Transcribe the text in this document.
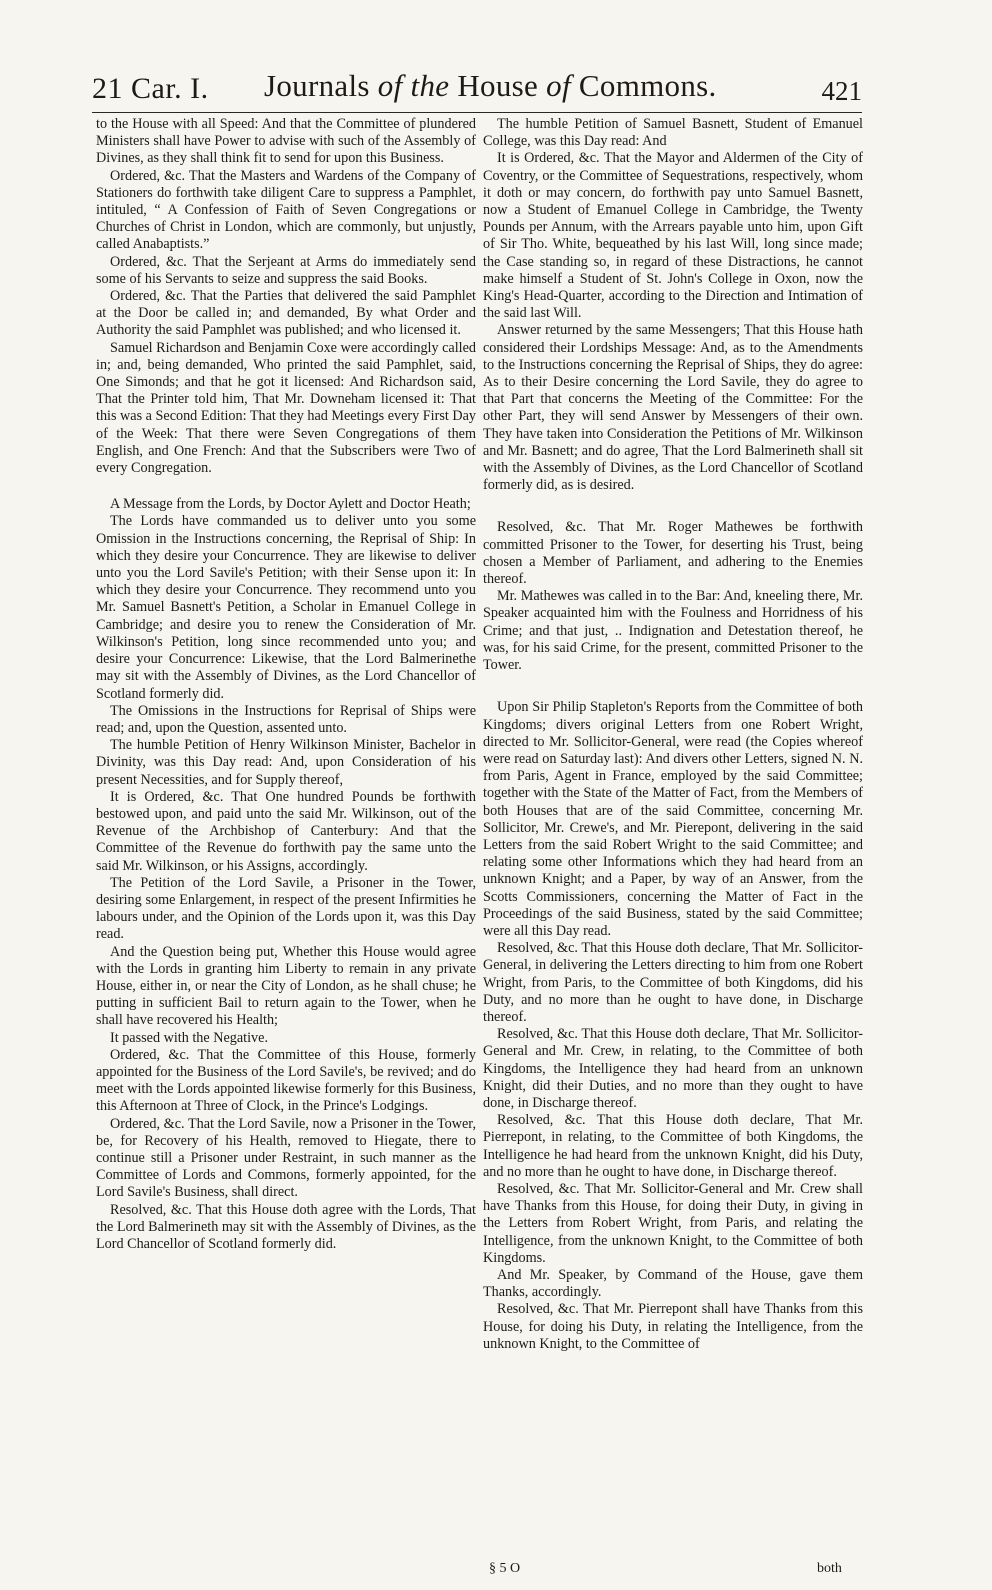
21 Car. I. Journals of the House of Commons.	421

to the House with all Speed: And that the Committee of plundered Ministers shall have Power to advise with such of the Assembly of Divines, as they shall think fit to send for upon this Business.

Ordered, &c. That the Masters and Wardens of the Company of Stationers do forthwith take diligent Care to suppress a Pamphlet, intituled, “ A Confession of Faith of Seven Congregations or Churches of Christ in London, which are commonly, but unjustly, called Anabaptists.”

Ordered, &c. That the Serjeant at Arms do immediately send some of his Servants to seize and suppress the said Books.

Ordered, &c. That the Parties that delivered the said Pamphlet at the Door be called in; and demanded, By what Order and Authority the said Pamphlet was published; and who licensed it.

Samuel Richardson and Benjamin Coxe were accordingly called in; and, being demanded, Who printed the said Pamphlet, said, One Simonds; and that he got it licensed: And Richardson said, That the Printer told him, That Mr. Downeham licensed it: That this was a Second Edition: That they had Meetings every First Day of the Week: That there were Seven Congregations of them English, and One French: And that the Subscribers were Two of every Congregation.

A Message from the Lords, by Doctor Aylett and Doctor Heath;

The Lords have commanded us to deliver unto you some Omission in the Instructions concerning, the Reprisal of Ship: In which they desire your Concurrence. They are likewise to deliver unto you the Lord Savile's Petition; with their Sense upon it: In which they desire your Concurrence. They recommend unto you Mr. Samuel Basnett's Petition, a Scholar in Emanuel College in Cambridge; and desire you to renew the Consideration of Mr. Wilkinson's Petition, long since recommended unto you; and desire your Concurrence: Likewise, that the Lord Balmerinethe may sit with the Assembly of Divines, as the Lord Chancellor of Scotland formerly did.

The Omissions in the Instructions for Reprisal of Ships were read; and, upon the Question, assented unto.

The humble Petition of Henry Wilkinson Minister, Bachelor in Divinity, was this Day read: And, upon Consideration of his present Necessities, and for Supply thereof,

It is Ordered, &c. That One hundred Pounds be forthwith bestowed upon, and paid unto the said Mr. Wilkinson, out of the Revenue of the Archbishop of Canterbury: And that the Committee of the Revenue do forthwith pay the same unto the said Mr. Wilkinson, or his Assigns, accordingly.

The Petition of the Lord Savile, a Prisoner in the Tower, desiring some Enlargement, in respect of the present Infirmities he labours under, and the Opinion of the Lords upon it, was this Day read.

And the Question being put, Whether this House would agree with the Lords in granting him Liberty to remain in any private House, either in, or near the City of London, as he shall chuse; he putting in sufficient Bail to return again to the Tower, when he shall have recovered his Health;

It passed with the Negative.

Ordered, &c. That the Committee of this House, formerly appointed for the Business of the Lord Savile's, be revived; and do meet with the Lords appointed likewise formerly for this Business, this Afternoon at Three of Clock, in the Prince's Lodgings.

Ordered, &c. That the Lord Savile, now a Prisoner in the Tower, be, for Recovery of his Health, removed to Hiegate, there to continue still a Prisoner under Restraint, in such manner as the Committee of Lords and Commons, formerly appointed, for the Lord Savile's Business, shall direct.

Resolved, &c. That this House doth agree with the Lords, That the Lord Balmerineth may sit with the Assembly of Divines, as the Lord Chancellor of Scotland formerly did.

The humble Petition of Samuel Basnett, Student of Emanuel College, was this Day read: And

It is Ordered, &c. That the Mayor and Aldermen of the City of Coventry, or the Committee of Sequestrations, respectively, whom it doth or may concern, do forthwith pay unto Samuel Basnett, now a Student of Emanuel College in Cambridge, the Twenty Pounds per Annum, with the Arrears payable unto him, upon Gift of Sir Tho. White, bequeathed by his last Will, long since made; the Case standing so, in regard of these Distractions, he cannot make himself a Student of St. John's College in Oxon, now the King's Head-Quarter, according to the Direction and Intimation of the said last Will.

Answer returned by the same Messengers; That this House hath considered their Lordships Message: And, as to the Amendments to the Instructions concerning the Reprisal of Ships, they do agree: As to their Desire concerning the Lord Savile, they do agree to that Part that concerns the Meeting of the Committee: For the other Part, they will send Answer by Messengers of their own. They have taken into Consideration the Petitions of Mr. Wilkinson and Mr. Basnett; and do agree, That the Lord Balmerineth shall sit with the Assembly of Divines, as the Lord Chancellor of Scotland formerly did, as is desired.

Resolved, &c. That Mr. Roger Mathewes be forthwith committed Prisoner to the Tower, for deserting his Trust, being chosen a Member of Parliament, and adhering to the Enemies thereof.

Mr. Mathewes was called in to the Bar: And, kneeling there, Mr. Speaker acquainted him with the Foulness and Horridness of his Crime; and that just, .. Indignation and Detestation thereof, he was, for his said Crime, for the present, committed Prisoner to the Tower.

Upon Sir Philip Stapleton's Reports from the Committee of both Kingdoms; divers original Letters from one Robert Wright, directed to Mr. Sollicitor-General, were read (the Copies whereof were read on Saturday last): And divers other Letters, signed N. N. from Paris, Agent in France, employed by the said Committee; together with the State of the Matter of Fact, from the Members of both Houses that are of the said Committee, concerning Mr. Sollicitor, Mr. Crewe's, and Mr. Pierepont, delivering in the said Letters from the said Robert Wright to the said Committee; and relating some other Informations which they had heard from an unknown Knight; and a Paper, by way of an Answer, from the Scotts Commissioners, concerning the Matter of Fact in the Proceedings of the said Business, stated by the said Committee; were all this Day read.

Resolved, &c. That this House doth declare, That Mr. Sollicitor-General, in delivering the Letters directing to him from one Robert Wright, from Paris, to the Committee of both Kingdoms, did his Duty, and no more than he ought to have done, in Discharge thereof.

Resolved, &c. That this House doth declare, That Mr. Sollicitor-General and Mr. Crew, in relating, to the Committee of both Kingdoms, the Intelligence they had heard from an unknown Knight, did their Duties, and no more than they ought to have done, in Discharge thereof.

Resolved, &c. That this House doth declare, That Mr. Pierrepont, in relating, to the Committee of both Kingdoms, the Intelligence he had heard from the unknown Knight, did his Duty, and no more than he ought to have done, in Discharge thereof.

Resolved, &c. That Mr. Sollicitor-General and Mr. Crew shall have Thanks from this House, for doing their Duty, in giving in the Letters from Robert Wright, from Paris, and relating the Intelligence, from the unknown Knight, to the Committee of both Kingdoms.

And Mr. Speaker, by Command of the House, gave them Thanks, accordingly.

Resolved, &c. That Mr. Pierrepont shall have Thanks from this House, for doing his Duty, in relating the Intelligence, from the unknown Knight, to the Committee of

§ 5 O	both
